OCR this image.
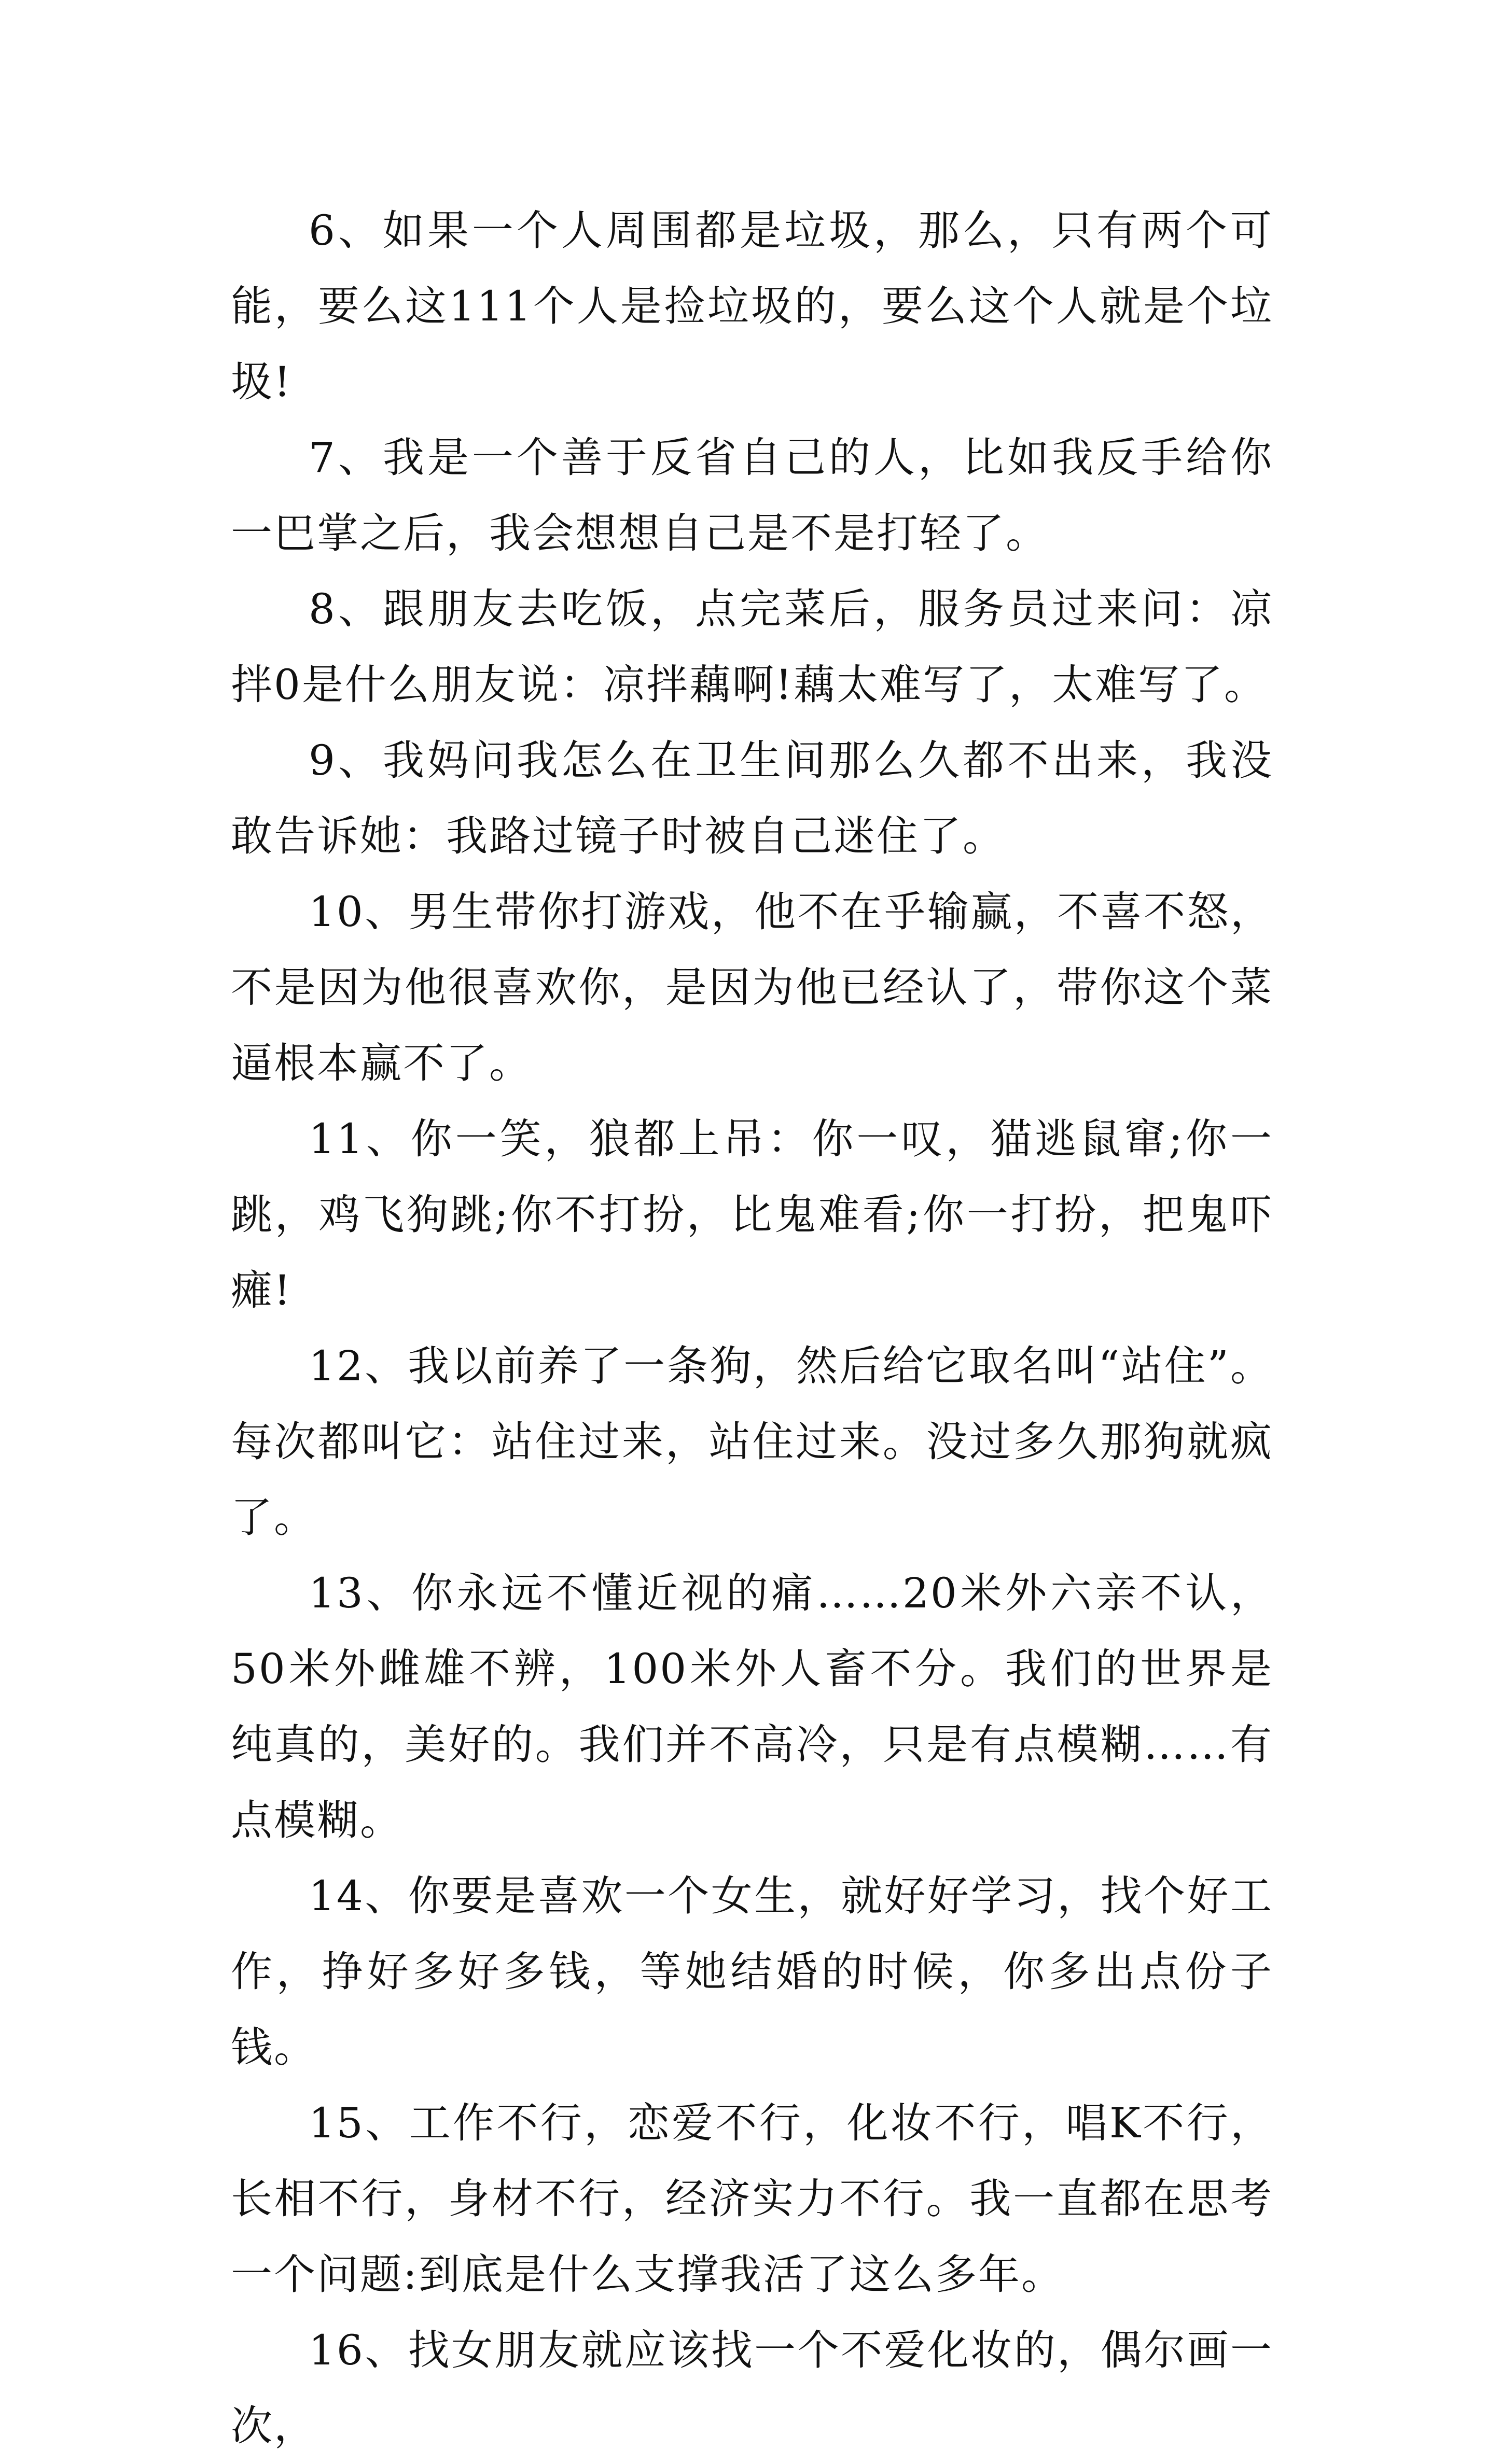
6、如果一个人周围都是垃圾，那么，只有两个可能，要么这111个人是捡垃圾的，要么这个人就是个垃圾!

7、我是一个善于反省自己的人，比如我反手给你一巴掌之后，我会想想自己是不是打轻了。

8、跟朋友去吃饭，点完菜后，服务员过来问：凉拌0是什么朋友说：凉拌藕啊!藕太难写了，太难写了。

9、我妈问我怎么在卫生间那么久都不出来，我没敢告诉她：我路过镜子时被自己迷住了。

10、男生带你打游戏，他不在乎输赢，不喜不怒，不是因为他很喜欢你，是因为他已经认了，带你这个菜逼根本赢不了。

11、你一笑，狼都上吊：你一叹，猫逃鼠窜;你一跳，鸡飞狗跳;你不打扮，比鬼难看;你一打扮，把鬼吓瘫!

12、我以前养了一条狗，然后给它取名叫“站住”。每次都叫它：站住过来，站住过来。没过多久那狗就疯了。

13、你永远不懂近视的痛……20米外六亲不认，50米外雌雄不辨，100米外人畜不分。我们的世界是纯真的，美好的。我们并不高冷，只是有点模糊……有点模糊。

14、你要是喜欢一个女生，就好好学习，找个好工作，挣好多好多钱，等她结婚的时候，你多出点份子钱。

15、工作不行，恋爱不行，化妆不行，唱K不行，长相不行，身材不行，经济实力不行。我一直都在思考一个问题:到底是什么支撑我活了这么多年。

16、找女朋友就应该找一个不爱化妆的，偶尔画一次，
